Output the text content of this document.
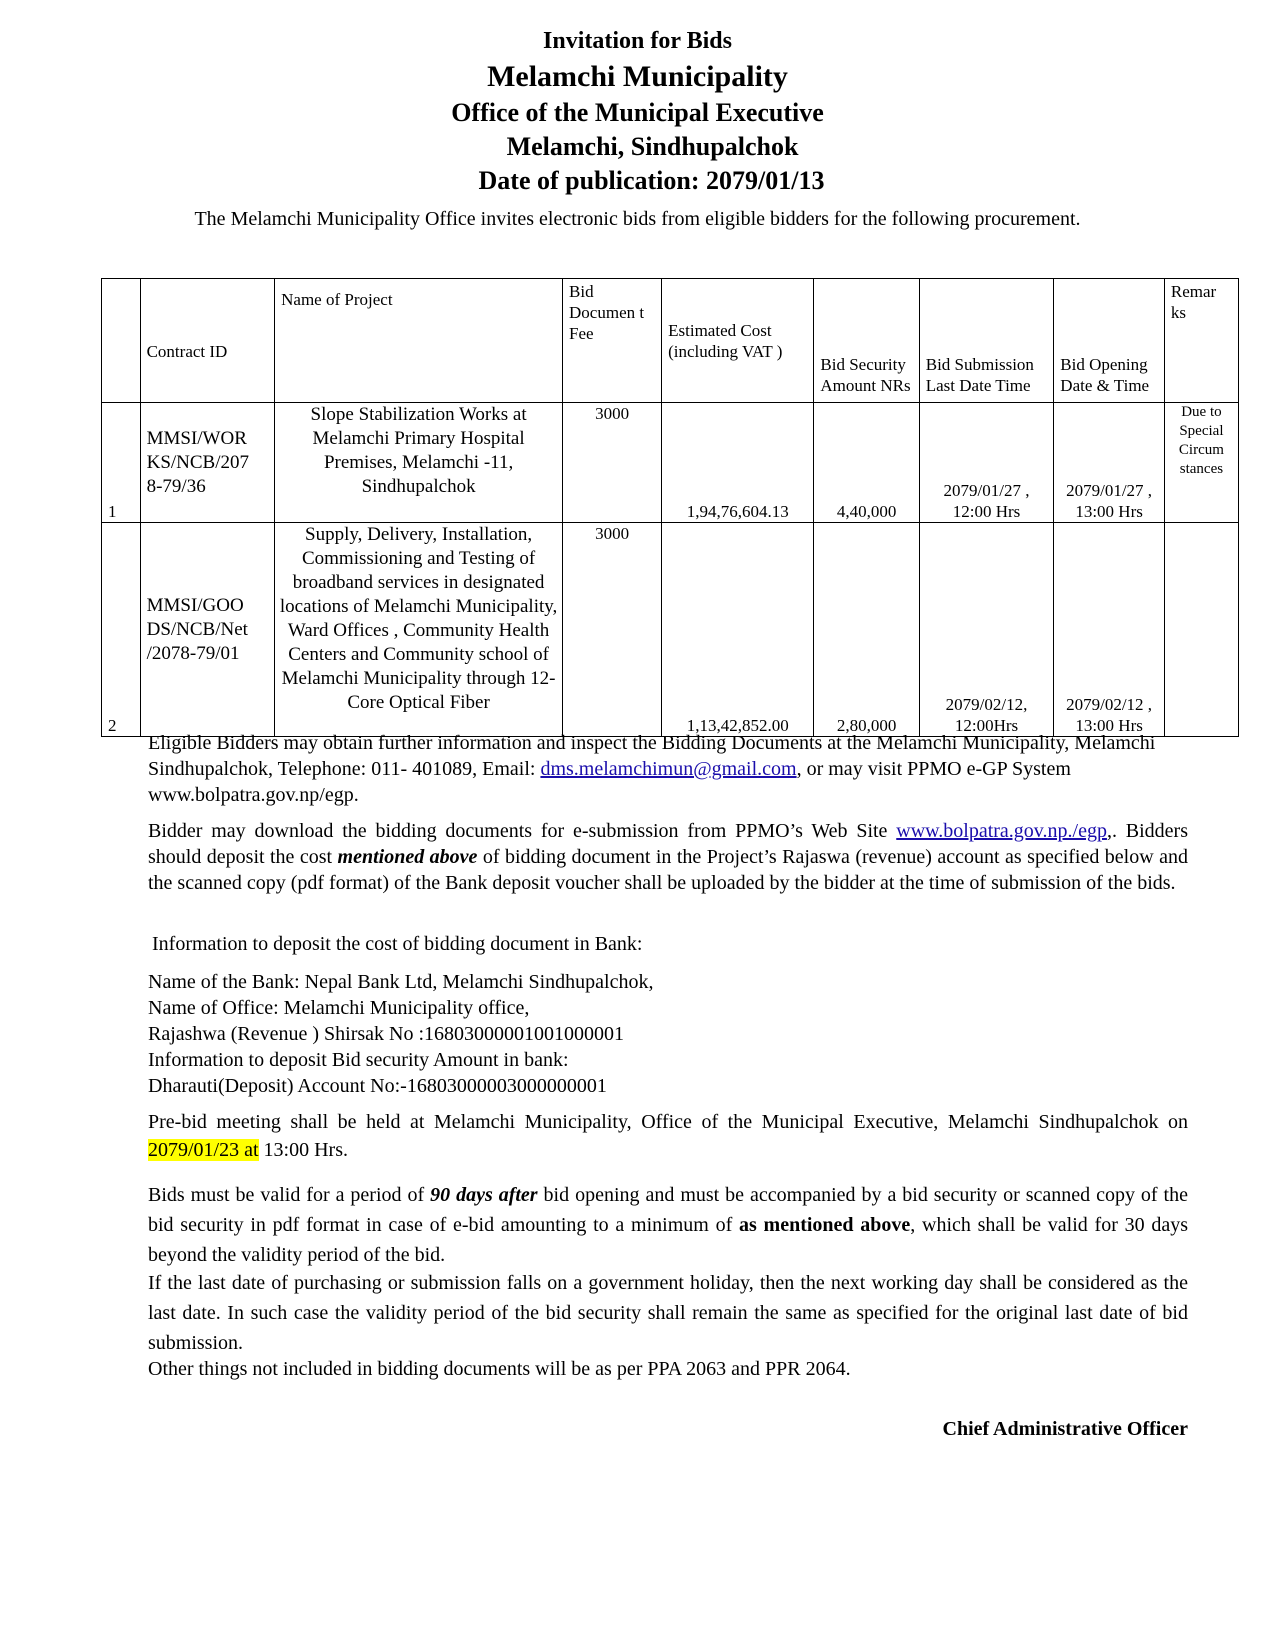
Invitation for Bids
Melamchi Municipality
Office of the Municipal Executive
Melamchi, Sindhupalchok
Date of publication: 2079/01/13
The Melamchi Municipality Office invites electronic bids from eligible bidders for the following procurement.
	Contract ID	Name of Project	Bid Documen t Fee	Estimated Cost (including VAT )	Bid Security Amount NRs	Bid Submission Last Date Time	Bid Opening Date & Time	Remar ks
1	MMSI/WOR KS/NCB/207 8-79/36	Slope Stabilization Works at Melamchi Primary Hospital Premises, Melamchi -11, Sindhupalchok	3000	1,94,76,604.13	4,40,000	2079/01/27 , 12:00 Hrs	2079/01/27 , 13:00 Hrs	Due to Special Circum stances
2	MMSI/GOO DS/NCB/Net /2078-79/01	Supply, Delivery, Installation, Commissioning and Testing of broadband services in designated locations of Melamchi Municipality, Ward Offices , Community Health Centers and Community school of Melamchi Municipality through 12-Core Optical Fiber	3000	1,13,42,852.00	2,80,000	2079/02/12, 12:00Hrs	2079/02/12 , 13:00 Hrs	
Eligible Bidders may obtain further information and inspect the Bidding Documents at the Melamchi Municipality, Melamchi Sindhupalchok, Telephone: 011- 401089, Email: dms.melamchimun@gmail.com, or may visit PPMO e-GP System www.bolpatra.gov.np/egp.
Bidder may download the bidding documents for e-submission from PPMO’s Web Site www.bolpatra.gov.np./egp,. Bidders should deposit the cost mentioned above of bidding document in the Project’s Rajaswa (revenue) account as specified below and the scanned copy (pdf format) of the Bank deposit voucher shall be uploaded by the bidder at the time of submission of the bids.
Information to deposit the cost of bidding document in Bank:
Name of the Bank: Nepal Bank Ltd, Melamchi Sindhupalchok,
Name of Office: Melamchi Municipality office,
Rajashwa (Revenue ) Shirsak No :16803000001001000001
Information to deposit Bid security Amount in bank:
Dharauti(Deposit) Account No:-16803000003000000001
Pre-bid meeting shall be held at Melamchi Municipality, Office of the Municipal Executive, Melamchi Sindhupalchok on 2079/01/23 at 13:00 Hrs.
Bids must be valid for a period of 90 days after bid opening and must be accompanied by a bid security or scanned copy of the bid security in pdf format in case of e-bid amounting to a minimum of as mentioned above, which shall be valid for 30 days beyond the validity period of the bid.
If the last date of purchasing or submission falls on a government holiday, then the next working day shall be considered as the last date. In such case the validity period of the bid security shall remain the same as specified for the original last date of bid submission.
Other things not included in bidding documents will be as per PPA 2063 and PPR 2064.
Chief Administrative Officer
